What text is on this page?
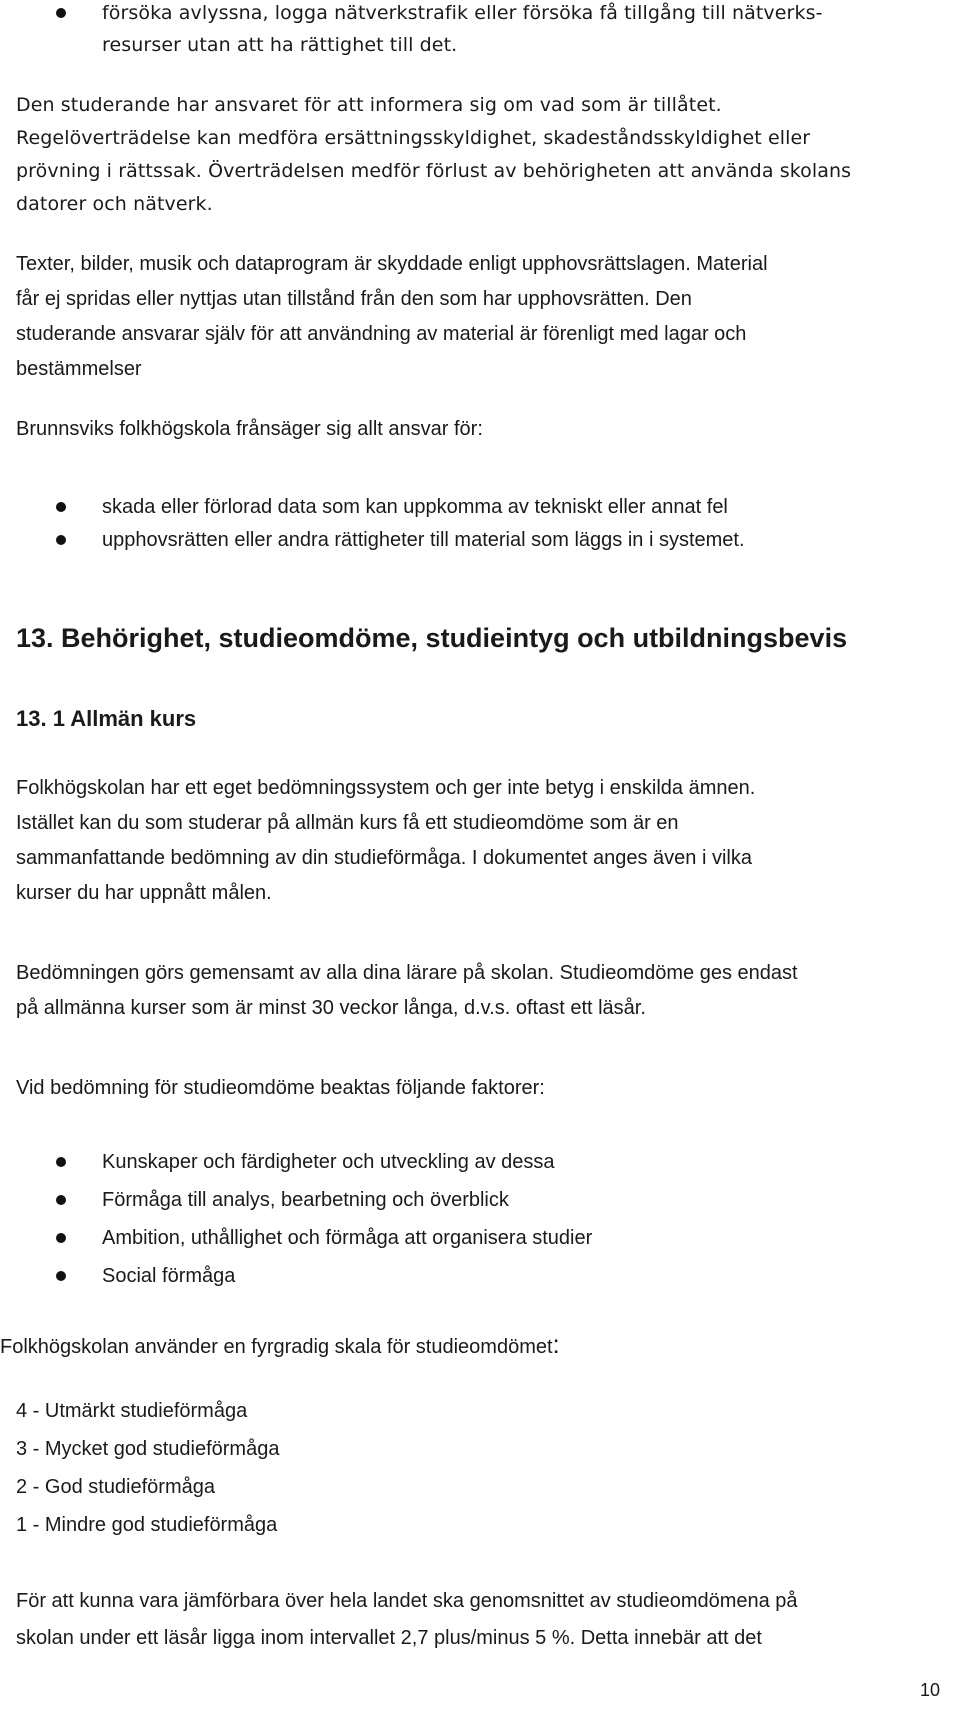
försöka avlyssna, logga nätverkstrafik eller försöka få tillgång till nätverks-
resurser utan att ha rättighet till det.
Den studerande har ansvaret för att informera sig om vad som är tillåtet.
Regelöverträdelse kan medföra ersättningsskyldighet, skadeståndsskyldighet eller
prövning i rättssak. Överträdelsen medför förlust av behörigheten att använda skolans
datorer och nätverk.
Texter, bilder, musik och dataprogram är skyddade enligt upphovsrättslagen. Material
får ej spridas eller nyttjas utan tillstånd från den som har upphovsrätten. Den
studerande ansvarar själv för att användning av material är förenligt med lagar och
bestämmelser
Brunnsviks folkhögskola frånsäger sig allt ansvar för:
skada eller förlorad data som kan uppkomma av tekniskt eller annat fel
upphovsrätten eller andra rättigheter till material som läggs in i systemet.
13. Behörighet, studieomdöme, studieintyg och utbildningsbevis
13. 1 Allmän kurs
Folkhögskolan har ett eget bedömningssystem och ger inte betyg i enskilda ämnen.
Istället kan du som studerar på allmän kurs få ett studieomdöme som är en
sammanfattande bedömning av din studieförmåga. I dokumentet anges även i vilka
kurser du har uppnått målen.
Bedömningen görs gemensamt av alla dina lärare på skolan. Studieomdöme ges endast
på allmänna kurser som är minst 30 veckor långa, d.v.s. oftast ett läsår.
Vid bedömning för studieomdöme beaktas följande faktorer:
Kunskaper och färdigheter och utveckling av dessa
Förmåga till analys, bearbetning och överblick
Ambition, uthållighet och förmåga att organisera studier
Social förmåga
Folkhögskolan använder en fyrgradig skala för studieomdömet:
4 - Utmärkt studieförmåga
3 - Mycket god studieförmåga
2 - God studieförmåga
1 - Mindre god studieförmåga
För att kunna vara jämförbara över hela landet ska genomsnittet av studieomdömena på
skolan under ett läsår ligga inom intervallet 2,7 plus/minus 5 %. Detta innebär att det
10
